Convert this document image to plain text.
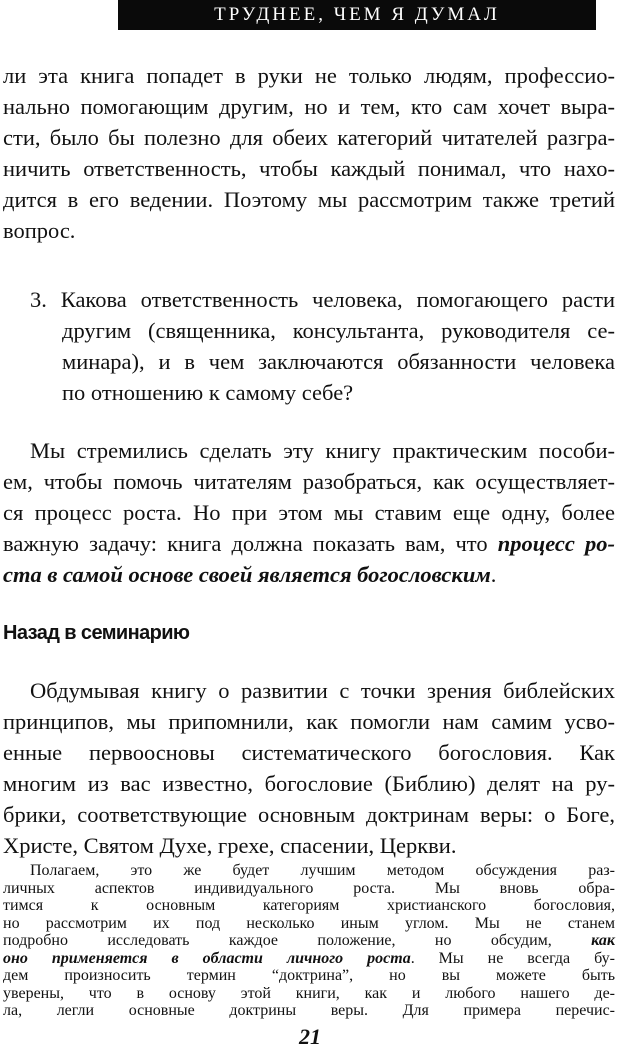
ТРУДНЕЕ, ЧЕМ Я ДУМАЛ
ли эта книга попадет в руки не только людям, профессио-
нально помогающим другим, но и тем, кто сам хочет выра-
сти, было бы полезно для обеих категорий читателей разгра-
ничить ответственность, чтобы каждый понимал, что нахо-
дится в его ведении. Поэтому мы рассмотрим также третий
вопрос.
3. Какова ответственность человека, помогающего расти
другим (священника, консультанта, руководителя се-
минара), и в чем заключаются обязанности человека
по отношению к самому себе?
Мы стремились сделать эту книгу практическим пособи-
ем, чтобы помочь читателям разобраться, как осуществляет-
ся процесс роста. Но при этом мы ставим еще одну, более
важную задачу: книга должна показать вам, что процесс ро-
ста в самой основе своей является богословским.
Назад в семинарию
Обдумывая книгу о развитии с точки зрения библейских
принципов, мы припомнили, как помогли нам самим усво-
енные первоосновы систематического богословия. Как
многим из вас известно, богословие (Библию) делят на ру-
брики, соответствующие основным доктринам веры: о Боге,
Христе, Святом Духе, грехе, спасении, Церкви.
Полагаем, это же будет лучшим методом обсуждения раз-
личных аспектов индивидуального роста. Мы вновь обра-
тимся к основным категориям христианского богословия,
но рассмотрим их под несколько иным углом. Мы не станем
подробно исследовать каждое положение, но обсудим, как
оно применяется в области личного роста. Мы не всегда бу-
дем произносить термин “доктрина”, но вы можете быть
уверены, что в основу этой книги, как и любого нашего де-
ла, легли основные доктрины веры. Для примера перечис-
21
